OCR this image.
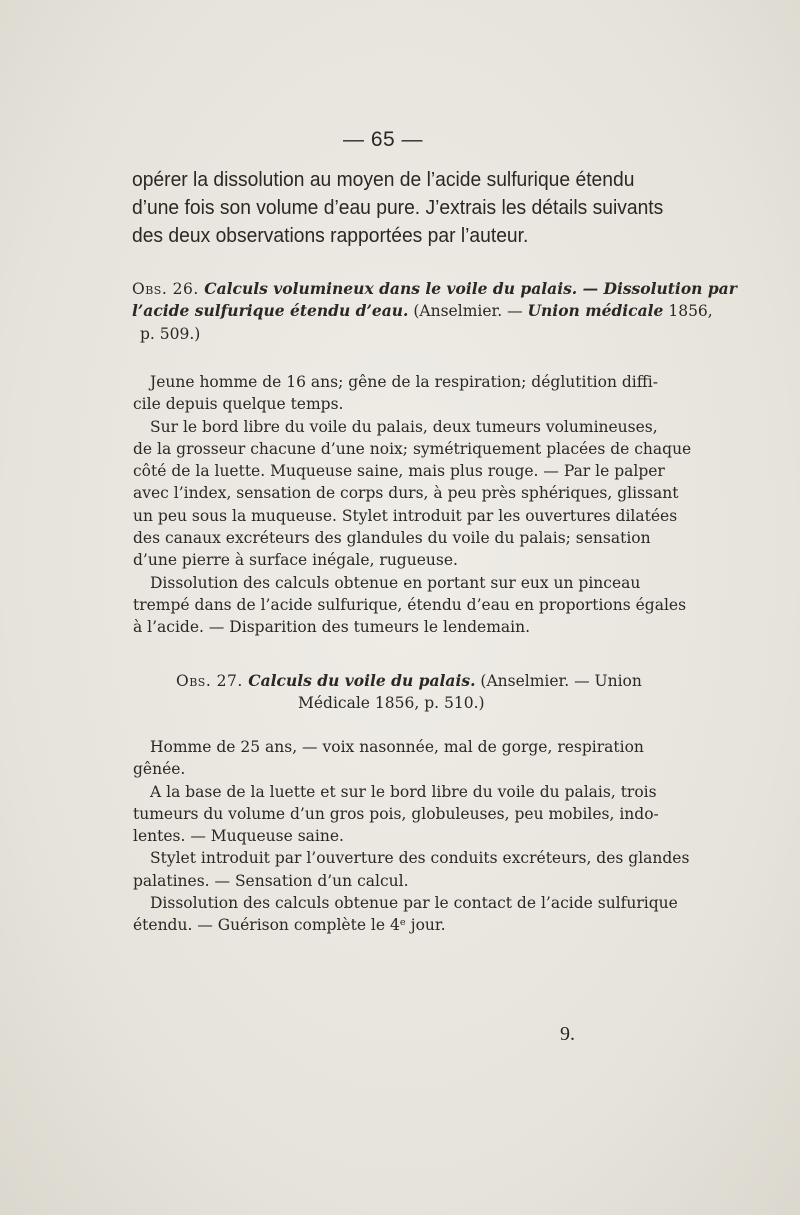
— 65 —
opérer la dissolution au moyen de l’acide sulfurique étendu
d’une fois son volume d’eau pure. J’extrais les détails suivants
des deux observations rapportées par l’auteur.
Obs. 26. Calculs volumineux dans le voile du palais. — Dissolution par
l’acide sulfurique étendu d’eau. (Anselmier. — Union médicale 1856,
p. 509.)
Jeune homme de 16 ans; gêne de la respiration; déglutition diffi-
cile depuis quelque temps.
Sur le bord libre du voile du palais, deux tumeurs volumineuses,
de la grosseur chacune d’une noix; symétriquement placées de chaque
côté de la luette. Muqueuse saine, mais plus rouge. — Par le palper
avec l’index, sensation de corps durs, à peu près sphériques, glissant
un peu sous la muqueuse. Stylet introduit par les ouvertures dilatées
des canaux excréteurs des glandules du voile du palais; sensation
d’une pierre à surface inégale, rugueuse.
Dissolution des calculs obtenue en portant sur eux un pinceau
trempé dans de l’acide sulfurique, étendu d’eau en proportions égales
à l’acide. — Disparition des tumeurs le lendemain.
Obs. 27. Calculs du voile du palais. (Anselmier. — Union
Médicale 1856, p. 510.)
Homme de 25 ans, — voix nasonnée, mal de gorge, respiration
gênée.
A la base de la luette et sur le bord libre du voile du palais, trois
tumeurs du volume d’un gros pois, globuleuses, peu mobiles, indo-
lentes. — Muqueuse saine.
Stylet introduit par l’ouverture des conduits excréteurs, des glandes
palatines. — Sensation d’un calcul.
Dissolution des calculs obtenue par le contact de l’acide sulfurique
étendu. — Guérison complète le 4ᵉ jour.
9.
